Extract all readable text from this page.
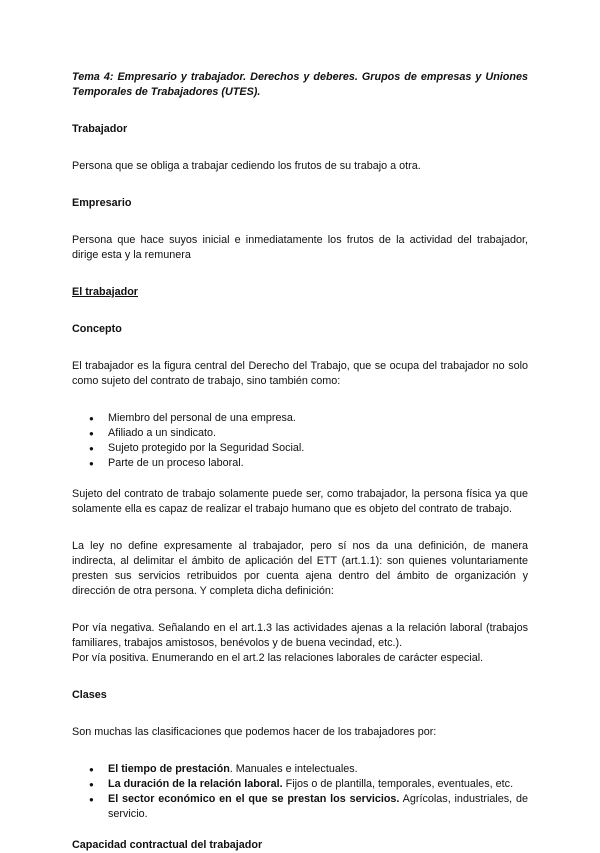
Tema 4: Empresario y trabajador. Derechos y deberes. Grupos de empresas y Uniones Temporales de Trabajadores (UTES).
Trabajador

Persona que se obliga a trabajar cediendo los frutos de su trabajo a otra.

Empresario

Persona que hace suyos inicial e inmediatamente los frutos de la actividad del trabajador, dirige esta y la remunera

El trabajador
Concepto

El trabajador es la figura central del Derecho del Trabajo, que se ocupa del trabajador no solo como sujeto del contrato de trabajo, sino también como:

● Miembro del personal de una empresa.
● Afiliado a un sindicato.
● Sujeto protegido por la Seguridad Social.
● Parte de un proceso laboral.

Sujeto del contrato de trabajo solamente puede ser, como trabajador, la persona física ya que solamente ella es capaz de realizar el trabajo humano que es objeto del contrato de trabajo.

La ley no define expresamente al trabajador, pero sí nos da una definición, de manera indirecta, al delimitar el ámbito de aplicación del ETT (art.1.1): son quienes voluntariamente presten sus servicios retribuidos por cuenta ajena dentro del ámbito de organización y dirección de otra persona. Y completa dicha definición:

Por vía negativa. Señalando en el art.1.3 las actividades ajenas a la relación laboral (trabajos familiares, trabajos amistosos, benévolos y de buena vecindad, etc.).

Por vía positiva. Enumerando en el art.2 las relaciones laborales de carácter especial.

Clases

Son muchas las clasificaciones que podemos hacer de los trabajadores por:

● El tiempo de prestación. Manuales e intelectuales.
● La duración de la relación laboral. Fijos o de plantilla, temporales, eventuales, etc.
● El sector económico en el que se prestan los servicios. Agrícolas, industriales, de servicio.
Capacidad contractual del trabajador
